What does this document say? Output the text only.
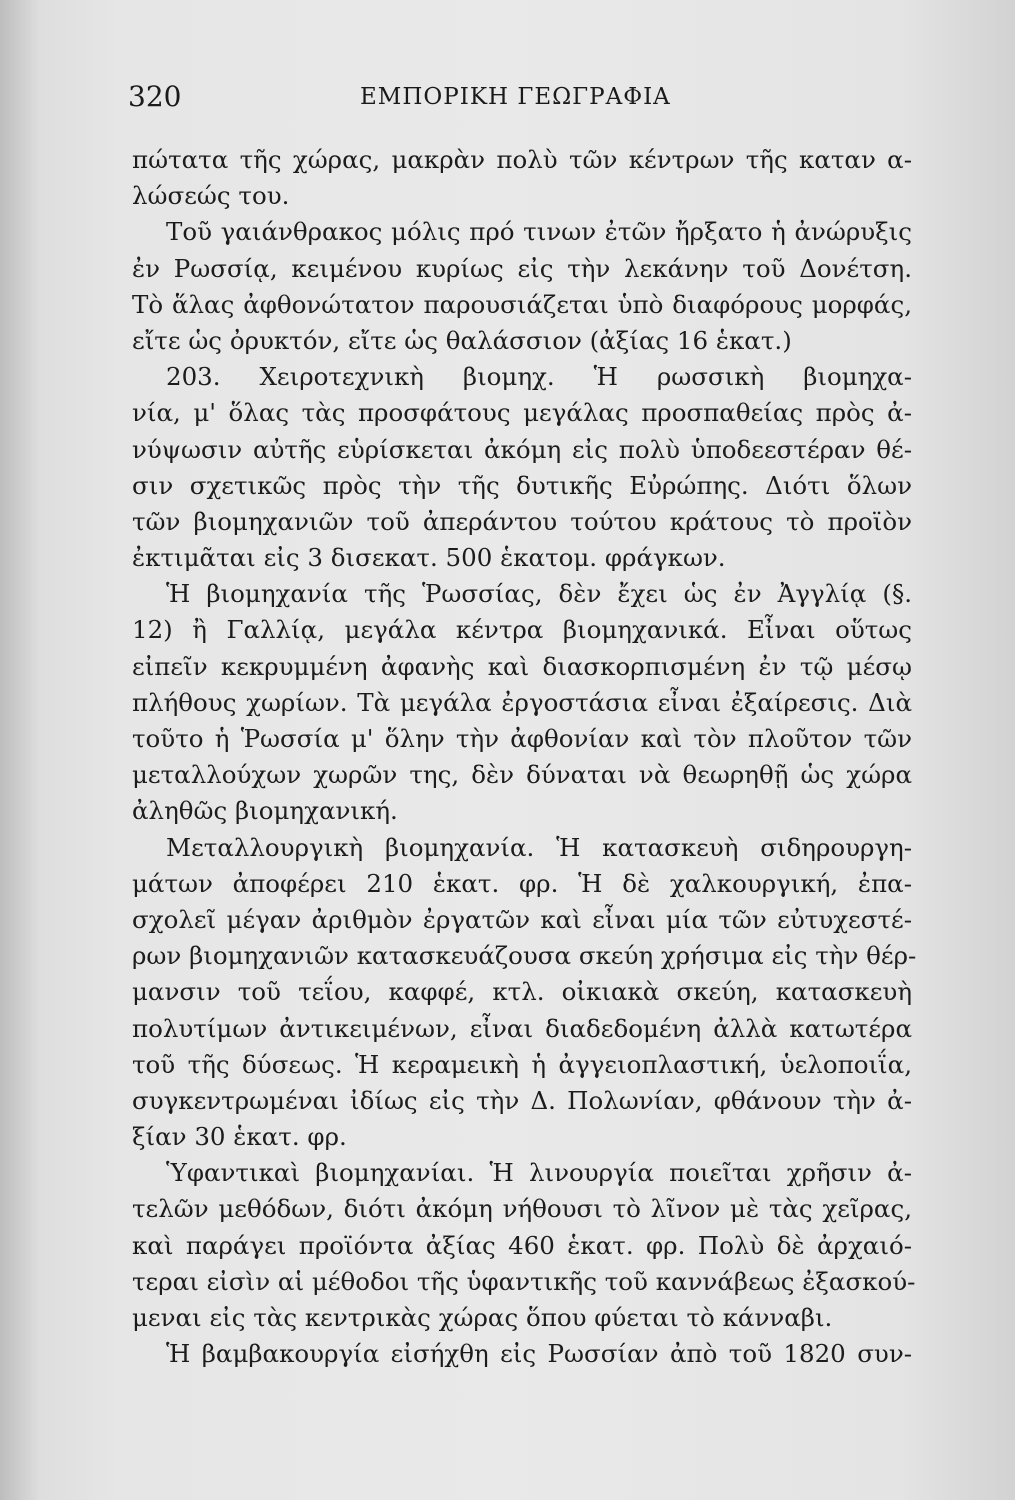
320	ΕΜΠΟΡΙΚΗ ΓΕΩΓΡΑΦΙΑ
πώτατα τῆς χώρας, μακρὰν πολὺ τῶν κέντρων τῆς καταν α-
λώσεώς του.
Τοῦ γαιάνθρακος μόλις πρό τινων ἐτῶν ἤρξατο ἡ ἀνώρυξις
ἐν Ρωσσίᾳ, κειμένου κυρίως εἰς τὴν λεκάνην τοῦ Δονέτση.
Τὸ ἅλας ἀφθονώτατον παρουσιάζεται ὑπὸ διαφόρους μορφάς,
εἴτε ὡς ὀρυκτόν, εἴτε ὡς θαλάσσιον (ἀξίας 16 ἑκατ.)
203. Χειροτεχνικὴ βιομηχ. Ἡ ρωσσικὴ βιομηχα-
νία, μ' ὅλας τὰς προσφάτους μεγάλας προσπαθείας πρὸς ἀ-
νύψωσιν αὐτῆς εὑρίσκεται ἀκόμη εἰς πολὺ ὑποδεεστέραν θέ-
σιν σχετικῶς πρὸς τὴν τῆς δυτικῆς Εὐρώπης. Διότι ὅλων
τῶν βιομηχανιῶν τοῦ ἀπεράντου τούτου κράτους τὸ προϊὸν
ἐκτιμᾶται εἰς 3 δισεκατ. 500 ἑκατομ. φράγκων.
Ἡ βιομηχανία τῆς Ῥωσσίας, δὲν ἔχει ὡς ἐν Ἀγγλίᾳ (§.
12) ἢ Γαλλίᾳ, μεγάλα κέντρα βιομηχανικά. Εἶναι οὕτως
εἰπεῖν κεκρυμμένη ἀφανὴς καὶ διασκορπισμένη ἐν τῷ μέσῳ
πλήθους χωρίων. Τὰ μεγάλα ἐργοστάσια εἶναι ἐξαίρεσις. Διὰ
τοῦτο ἡ Ῥωσσία μ' ὅλην τὴν ἀφθονίαν καὶ τὸν πλοῦτον τῶν
μεταλλούχων χωρῶν της, δὲν δύναται νὰ θεωρηθῇ ὡς χώρα
ἀληθῶς βιομηχανική.
Μεταλλουργικὴ βιομηχανία. Ἡ κατασκευὴ σιδηρουργη-
μάτων ἀποφέρει 210 ἑκατ. φρ. Ἡ δὲ χαλκουργική, ἐπα-
σχολεῖ μέγαν ἀριθμὸν ἐργατῶν καὶ εἶναι μία τῶν εὐτυχεστέ-
ρων βιομηχανιῶν κατασκευάζουσα σκεύη χρήσιμα εἰς τὴν θέρ-
μανσιν τοῦ τεΐου, καφφέ, κτλ. οἰκιακὰ σκεύη, κατασκευὴ
πολυτίμων ἀντικειμένων, εἶναι διαδεδομένη ἀλλὰ κατωτέρα
τοῦ τῆς δύσεως. Ἡ κεραμεικὴ ἡ ἀγγειοπλαστική, ὑελοποιΐα,
συγκεντρωμέναι ἰδίως εἰς τὴν Δ. Πολωνίαν, φθάνουν τὴν ἀ-
ξίαν 30 ἑκατ. φρ.
Ὑφαντικαὶ βιομηχανίαι. Ἡ λινουργία ποιεῖται χρῆσιν ἀ-
τελῶν μεθόδων, διότι ἀκόμη νήθουσι τὸ λῖνον μὲ τὰς χεῖρας,
καὶ παράγει προϊόντα ἀξίας 460 ἑκατ. φρ. Πολὺ δὲ ἀρχαιό-
τεραι εἰσὶν αἱ μέθοδοι τῆς ὑφαντικῆς τοῦ καννάβεως ἐξασκού-
μεναι εἰς τὰς κεντρικὰς χώρας ὅπου φύεται τὸ κάνναβι.
Ἡ βαμβακουργία εἰσήχθη εἰς Ρωσσίαν ἀπὸ τοῦ 1820 συν-
